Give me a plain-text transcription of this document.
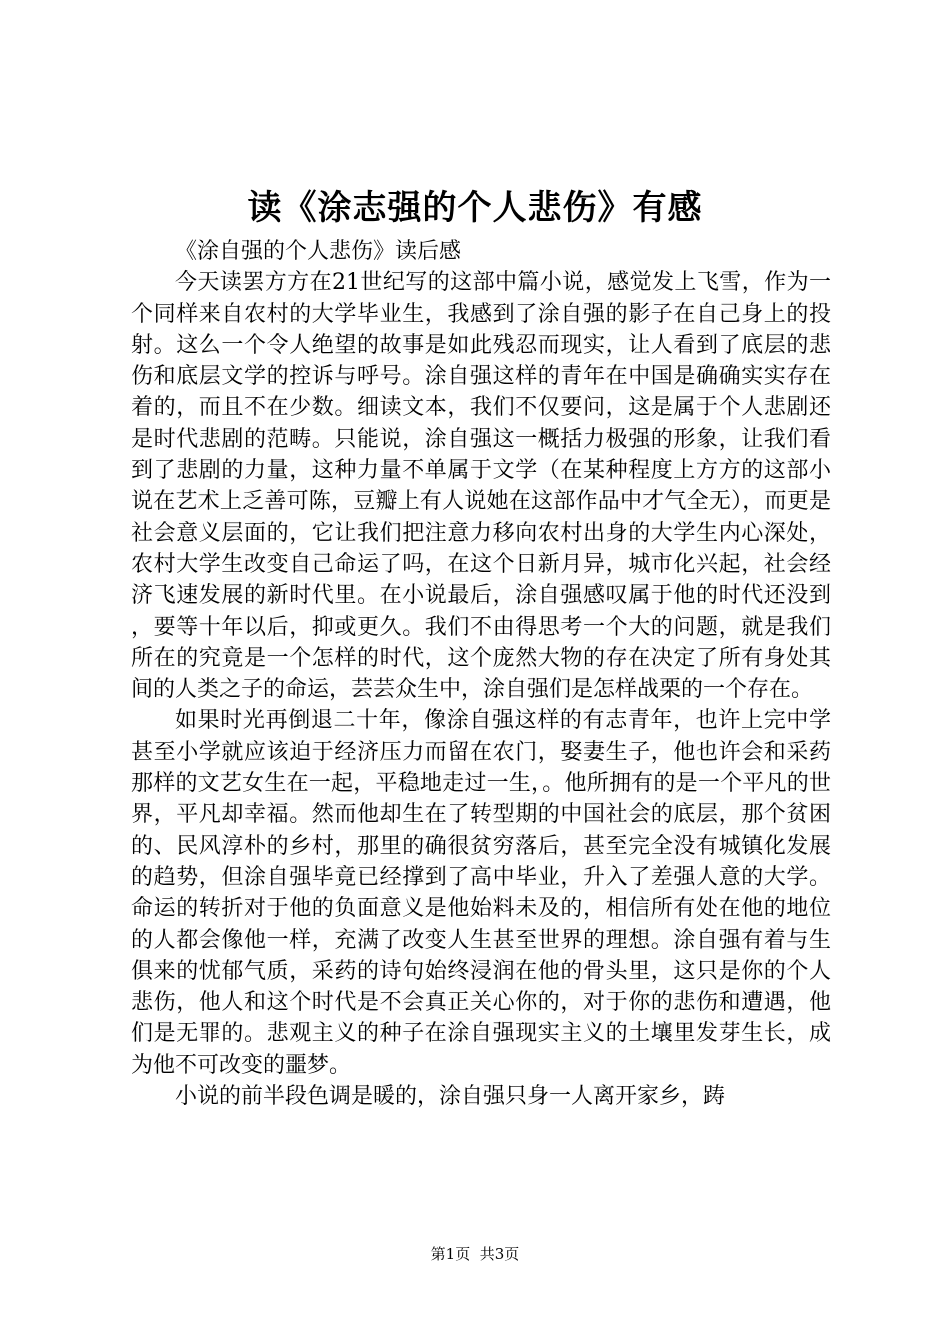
读《涂志强的个人悲伤》有感

《涂自强的个人悲伤》读后感

今天读罢方方在21世纪写的这部中篇小说，感觉发上飞雪，作为一个同样来自农村的大学毕业生，我感到了涂自强的影子在自己身上的投射。这么一个令人绝望的故事是如此残忍而现实，让人看到了底层的悲伤和底层文学的控诉与呼号。涂自强这样的青年在中国是确确实实存在着的，而且不在少数。细读文本，我们不仅要问，这是属于个人悲剧还是时代悲剧的范畴。只能说，涂自强这一概括力极强的形象，让我们看到了悲剧的力量，这种力量不单属于文学（在某种程度上方方的这部小说在艺术上乏善可陈，豆瓣上有人说她在这部作品中才气全无），而更是社会意义层面的，它让我们把注意力移向农村出身的大学生内心深处，农村大学生改变自己命运了吗，在这个日新月异，城市化兴起，社会经济飞速发展的新时代里。在小说最后，涂自强感叹属于他的时代还没到，要等十年以后，抑或更久。我们不由得思考一个大的问题，就是我们所在的究竟是一个怎样的时代，这个庞然大物的存在决定了所有身处其间的人类之子的命运，芸芸众生中，涂自强们是怎样战栗的一个存在。

如果时光再倒退二十年，像涂自强这样的有志青年，也许上完中学甚至小学就应该迫于经济压力而留在农门，娶妻生子，他也许会和采药那样的文艺女生在一起，平稳地走过一生，。他所拥有的是一个平凡的世界，平凡却幸福。然而他却生在了转型期的中国社会的底层，那个贫困的、民风淳朴的乡村，那里的确很贫穷落后，甚至完全没有城镇化发展的趋势，但涂自强毕竟已经撑到了高中毕业，升入了差强人意的大学。命运的转折对于他的负面意义是他始料未及的，相信所有处在他的地位的人都会像他一样，充满了改变人生甚至世界的理想。涂自强有着与生俱来的忧郁气质，采药的诗句始终浸润在他的骨头里，这只是你的个人悲伤，他人和这个时代是不会真正关心你的，对于你的悲伤和遭遇，他们是无罪的。悲观主义的种子在涂自强现实主义的土壤里发芽生长，成为他不可改变的噩梦。

小说的前半段色调是暖的，涂自强只身一人离开家乡，踌

第1页 共3页
